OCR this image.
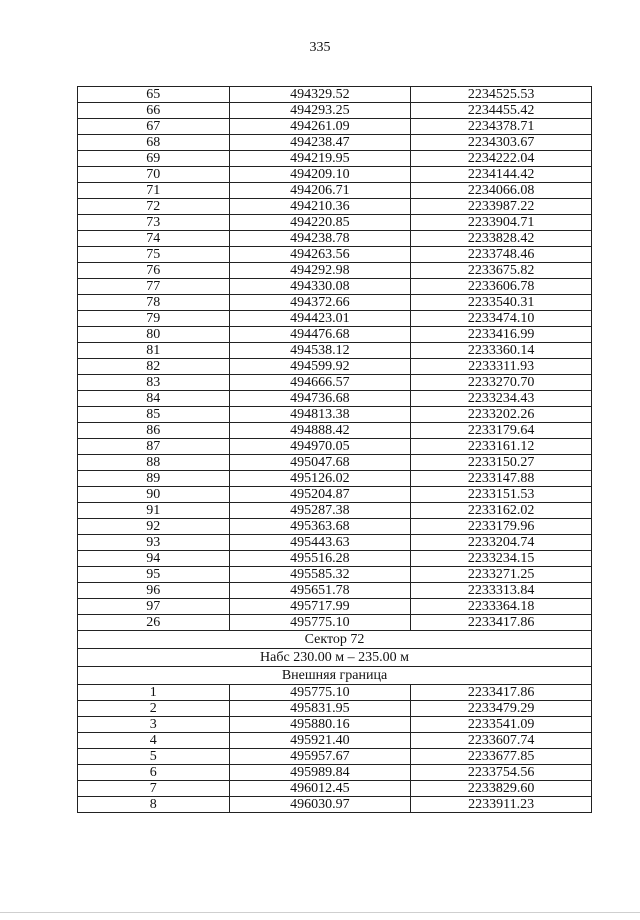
335
65	494329.52	2234525.53
66	494293.25	2234455.42
67	494261.09	2234378.71
68	494238.47	2234303.67
69	494219.95	2234222.04
70	494209.10	2234144.42
71	494206.71	2234066.08
72	494210.36	2233987.22
73	494220.85	2233904.71
74	494238.78	2233828.42
75	494263.56	2233748.46
76	494292.98	2233675.82
77	494330.08	2233606.78
78	494372.66	2233540.31
79	494423.01	2233474.10
80	494476.68	2233416.99
81	494538.12	2233360.14
82	494599.92	2233311.93
83	494666.57	2233270.70
84	494736.68	2233234.43
85	494813.38	2233202.26
86	494888.42	2233179.64
87	494970.05	2233161.12
88	495047.68	2233150.27
89	495126.02	2233147.88
90	495204.87	2233151.53
91	495287.38	2233162.02
92	495363.68	2233179.96
93	495443.63	2233204.74
94	495516.28	2233234.15
95	495585.32	2233271.25
96	495651.78	2233313.84
97	495717.99	2233364.18
26	495775.10	2233417.86
Сектор 72		
Набс 230.00 м – 235.00 м		
Внешняя граница		
1	495775.10	2233417.86
2	495831.95	2233479.29
3	495880.16	2233541.09
4	495921.40	2233607.74
5	495957.67	2233677.85
6	495989.84	2233754.56
7	496012.45	2233829.60
8	496030.97	2233911.23
